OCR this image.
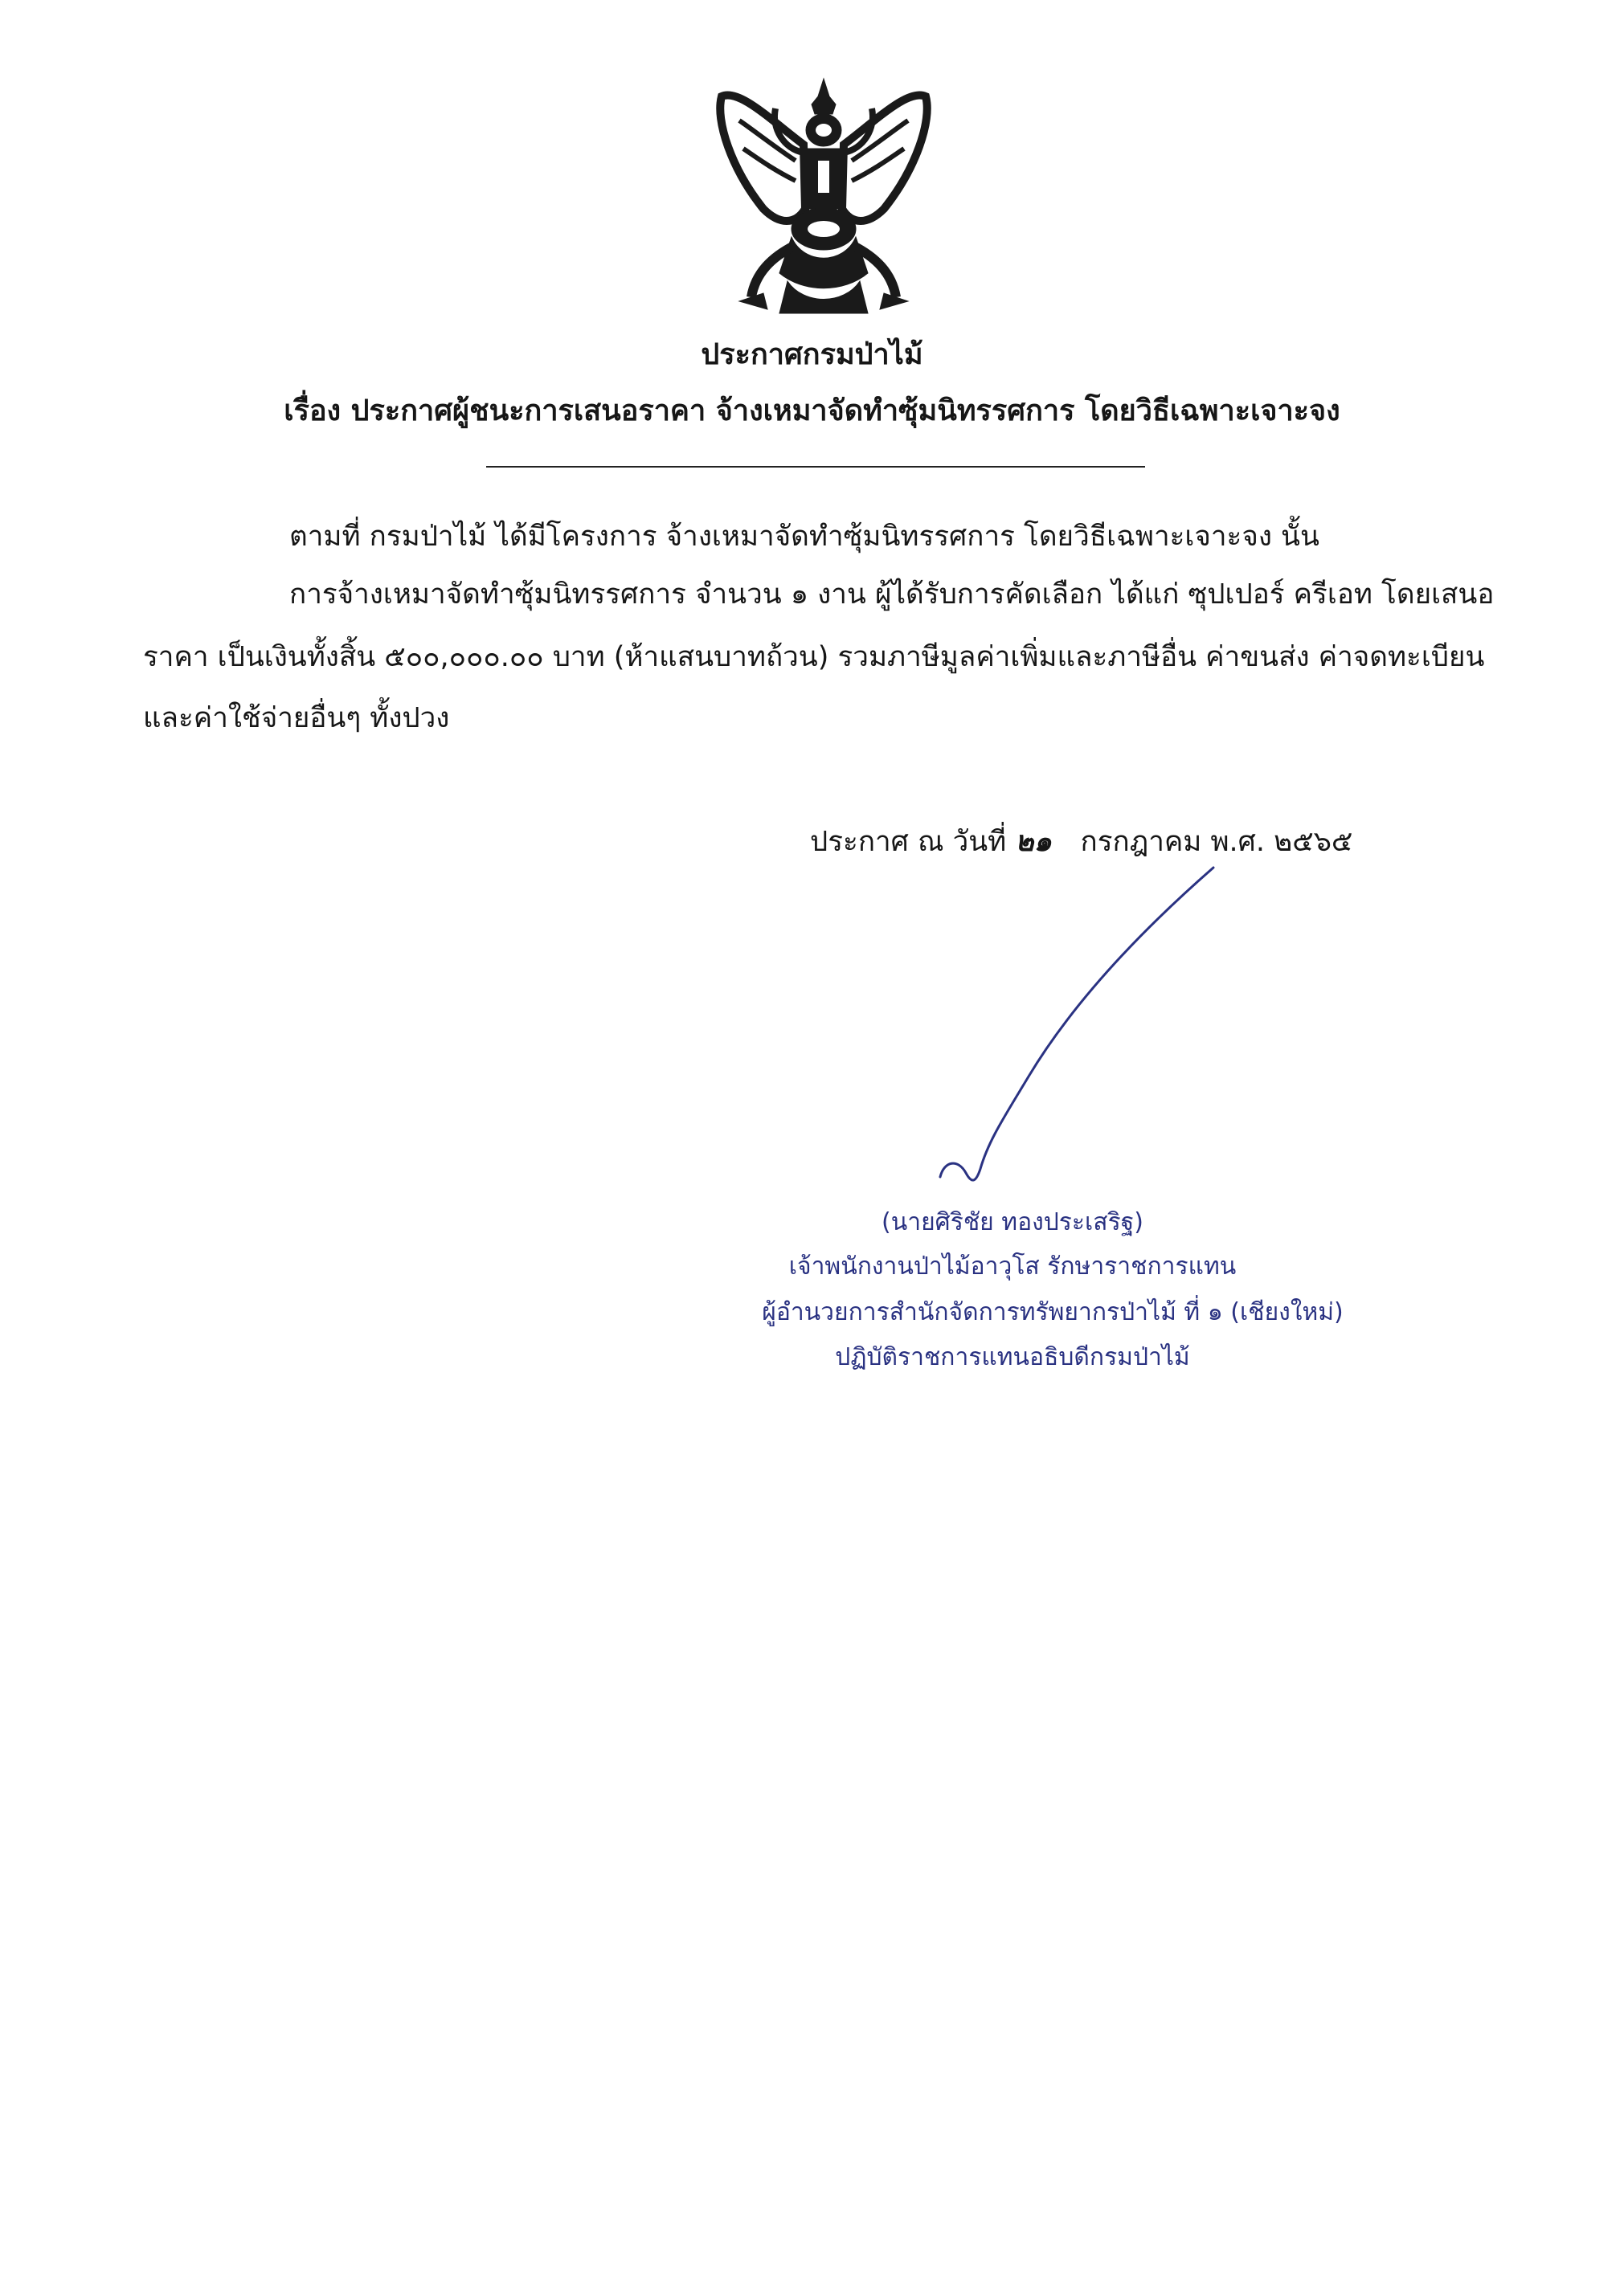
ประกาศกรมป่าไม้
เรื่อง ประกาศผู้ชนะการเสนอราคา จ้างเหมาจัดทำซุ้มนิทรรศการ โดยวิธีเฉพาะเจาะจง
ตามที่ กรมป่าไม้ ได้มีโครงการ จ้างเหมาจัดทำซุ้มนิทรรศการ โดยวิธีเฉพาะเจาะจง นั้น
การจ้างเหมาจัดทำซุ้มนิทรรศการ จำนวน ๑ งาน ผู้ได้รับการคัดเลือก ได้แก่ ซุปเปอร์ ครีเอท โดยเสนอ
ราคา เป็นเงินทั้งสิ้น ๕๐๐,๐๐๐.๐๐ บาท (ห้าแสนบาทถ้วน) รวมภาษีมูลค่าเพิ่มและภาษีอื่น ค่าขนส่ง ค่าจดทะเบียน
และค่าใช้จ่ายอื่นๆ ทั้งปวง
ประกาศ ณ วันที่ ๒๑ กรกฎาคม พ.ศ. ๒๕๖๕
(นายศิริชัย ทองประเสริฐ)
เจ้าพนักงานป่าไม้อาวุโส รักษาราชการแทน
ผู้อำนวยการสำนักจัดการทรัพยากรป่าไม้ ที่ ๑ (เชียงใหม่)
ปฏิบัติราชการแทนอธิบดีกรมป่าไม้
